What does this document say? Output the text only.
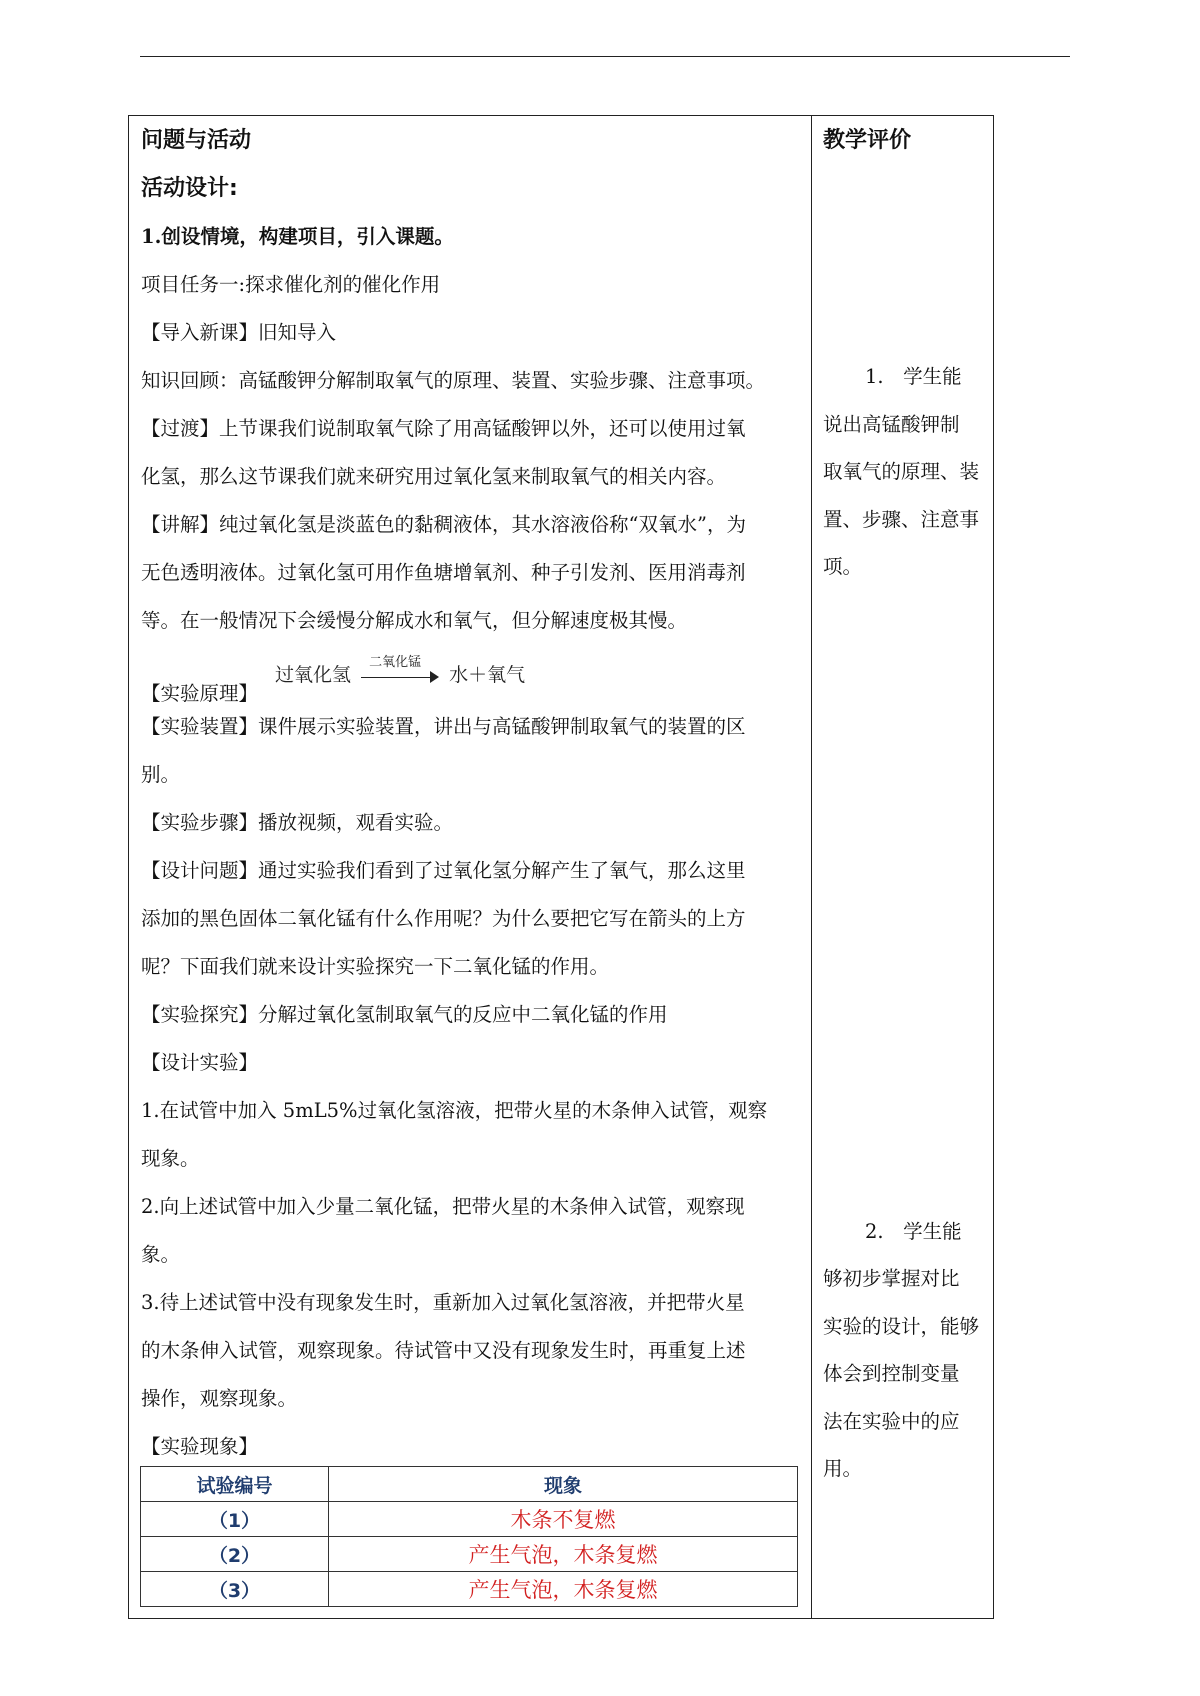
问题与活动

活动设计:

1.创设情境，构建项目，引入课题。

项目任务一:探求催化剂的催化作用

【导入新课】旧知导入

知识回顾：高锰酸钾分解制取氧气的原理、装置、实验步骤、注意事项。

【过渡】上节课我们说制取氧气除了用高锰酸钾以外，还可以使用过氧

化氢，那么这节课我们就来研究用过氧化氢来制取氧气的相关内容。

【讲解】纯过氧化氢是淡蓝色的黏稠液体，其水溶液俗称“双氧水”，为

无色透明液体。过氧化氢可用作鱼塘增氧剂、种子引发剂、医用消毒剂

等。在一般情况下会缓慢分解成水和氧气，但分解速度极其慢。

【实验原理】

【实验装置】课件展示实验装置，讲出与高锰酸钾制取氧气的装置的区

别。

【实验步骤】播放视频，观看实验。

【设计问题】通过实验我们看到了过氧化氢分解产生了氧气，那么这里

添加的黑色固体二氧化锰有什么作用呢？为什么要把它写在箭头的上方

呢？下面我们就来设计实验探究一下二氧化锰的作用。

【实验探究】分解过氧化氢制取氧气的反应中二氧化锰的作用

【设计实验】

1.在试管中加入 5mL5%过氧化氢溶液，把带火星的木条伸入试管，观察

现象。

2.向上述试管中加入少量二氧化锰，把带火星的木条伸入试管，观察现

象。

3.待上述试管中没有现象发生时，重新加入过氧化氢溶液，并把带火星

的木条伸入试管，观察现象。待试管中又没有现象发生时，再重复上述

操作，观察现象。

【实验现象】

过氧化氢
二氧化锰
水＋氧气
试验编号	现象
（1）	木条不复燃
（2）	产生气泡，木条复燃
（3）	产生气泡，木条复燃

教学评价

1.　学生能

说出高锰酸钾制

取氧气的原理、装

置、步骤、注意事

项。

2.　学生能

够初步掌握对比

实验的设计，能够

体会到控制变量

法在实验中的应

用。
